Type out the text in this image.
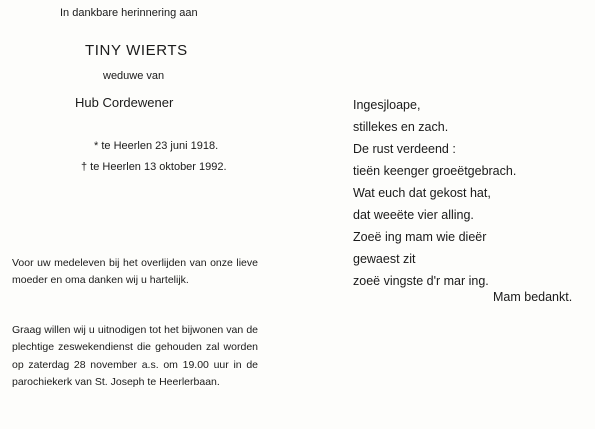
In dankbare herinnering aan
TINY WIERTS
weduwe van
Hub Cordewener
* te Heerlen 23 juni 1918.
† te Heerlen 13 oktober 1992.
Voor uw medeleven bij het overlijden van onze lieve moeder en oma danken wij u hartelijk.
Graag willen wij u uitnodigen tot het bijwonen van de plechtige zeswekendienst die gehouden zal worden op zaterdag 28 november a.s. om 19.00 uur in de parochiekerk van St. Joseph te Heerlerbaan.
Ingesjloape,
stillekes en zach.
De rust verdeend :
tieën keenger groeëtgebrach.
Wat euch dat gekost hat,
dat weeëte vier alling.
Zoeë ing mam wie dieër
gewaest zit
zoeë vingste d'r mar ing.
Mam bedankt.
